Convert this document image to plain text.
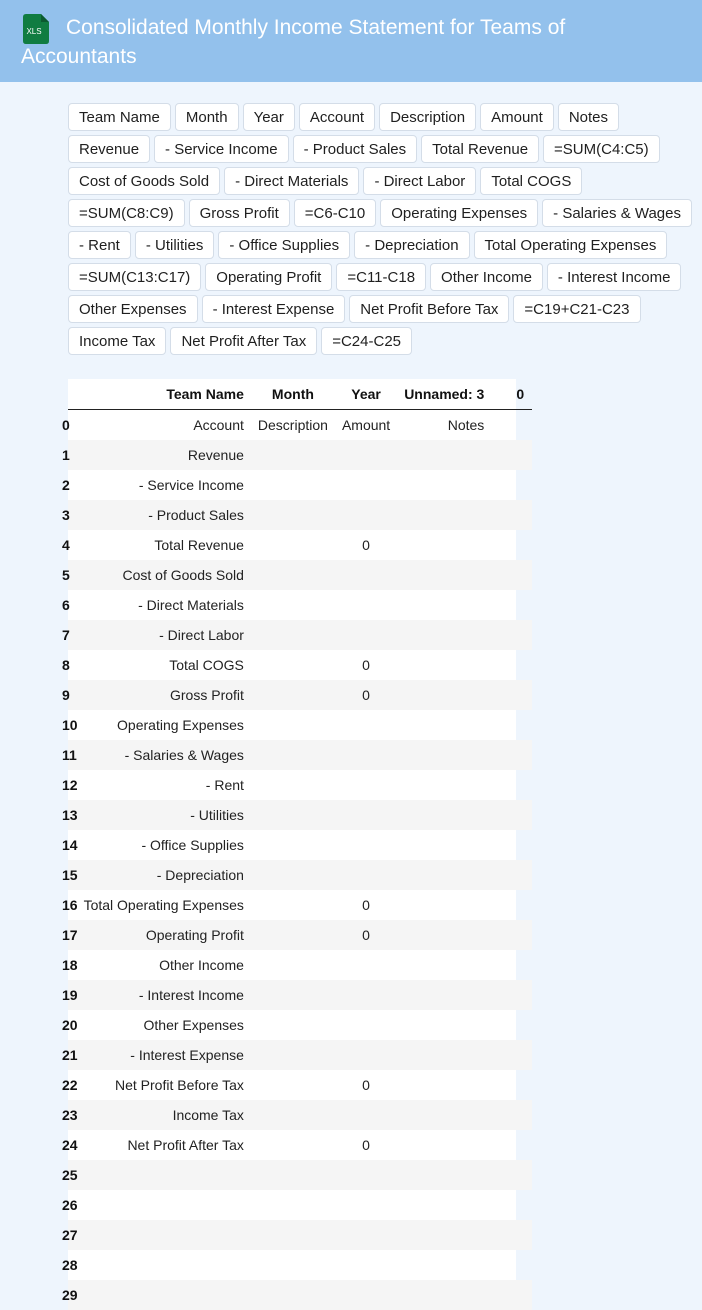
XLS	Consolidated Monthly Income Statement for Teams of Accountants
Team Name	Month	Year	Account	Description	Amount	Notes
Revenue	- Service Income	- Product Sales	Total Revenue	=SUM(C4:C5)
Cost of Goods Sold	- Direct Materials	- Direct Labor	Total COGS
=SUM(C8:C9)	Gross Profit	=C6-C10	Operating Expenses	- Salaries & Wages
- Rent	- Utilities	- Office Supplies	- Depreciation	Total Operating Expenses
=SUM(C13:C17)	Operating Profit	=C11-C18	Other Income	- Interest Income
Other Expenses	- Interest Expense	Net Profit Before Tax	=C19+C21-C23
Income Tax	Net Profit After Tax	=C24-C25
	Team Name	Month	Year	Unnamed: 3	0
0	Account	Description	Amount	Notes	
1	Revenue				
2	- Service Income				
3	- Product Sales				
4	Total Revenue		0		
5	Cost of Goods Sold				
6	- Direct Materials				
7	- Direct Labor				
8	Total COGS		0		
9	Gross Profit		0		
10	Operating Expenses				
11	- Salaries & Wages				
12	- Rent				
13	- Utilities				
14	- Office Supplies				
15	- Depreciation				
16	Total Operating Expenses		0		
17	Operating Profit		0		
18	Other Income				
19	- Interest Income				
20	Other Expenses				
21	- Interest Expense				
22	Net Profit Before Tax		0		
23	Income Tax				
24	Net Profit After Tax		0		
25					
26					
27					
28					
29					
